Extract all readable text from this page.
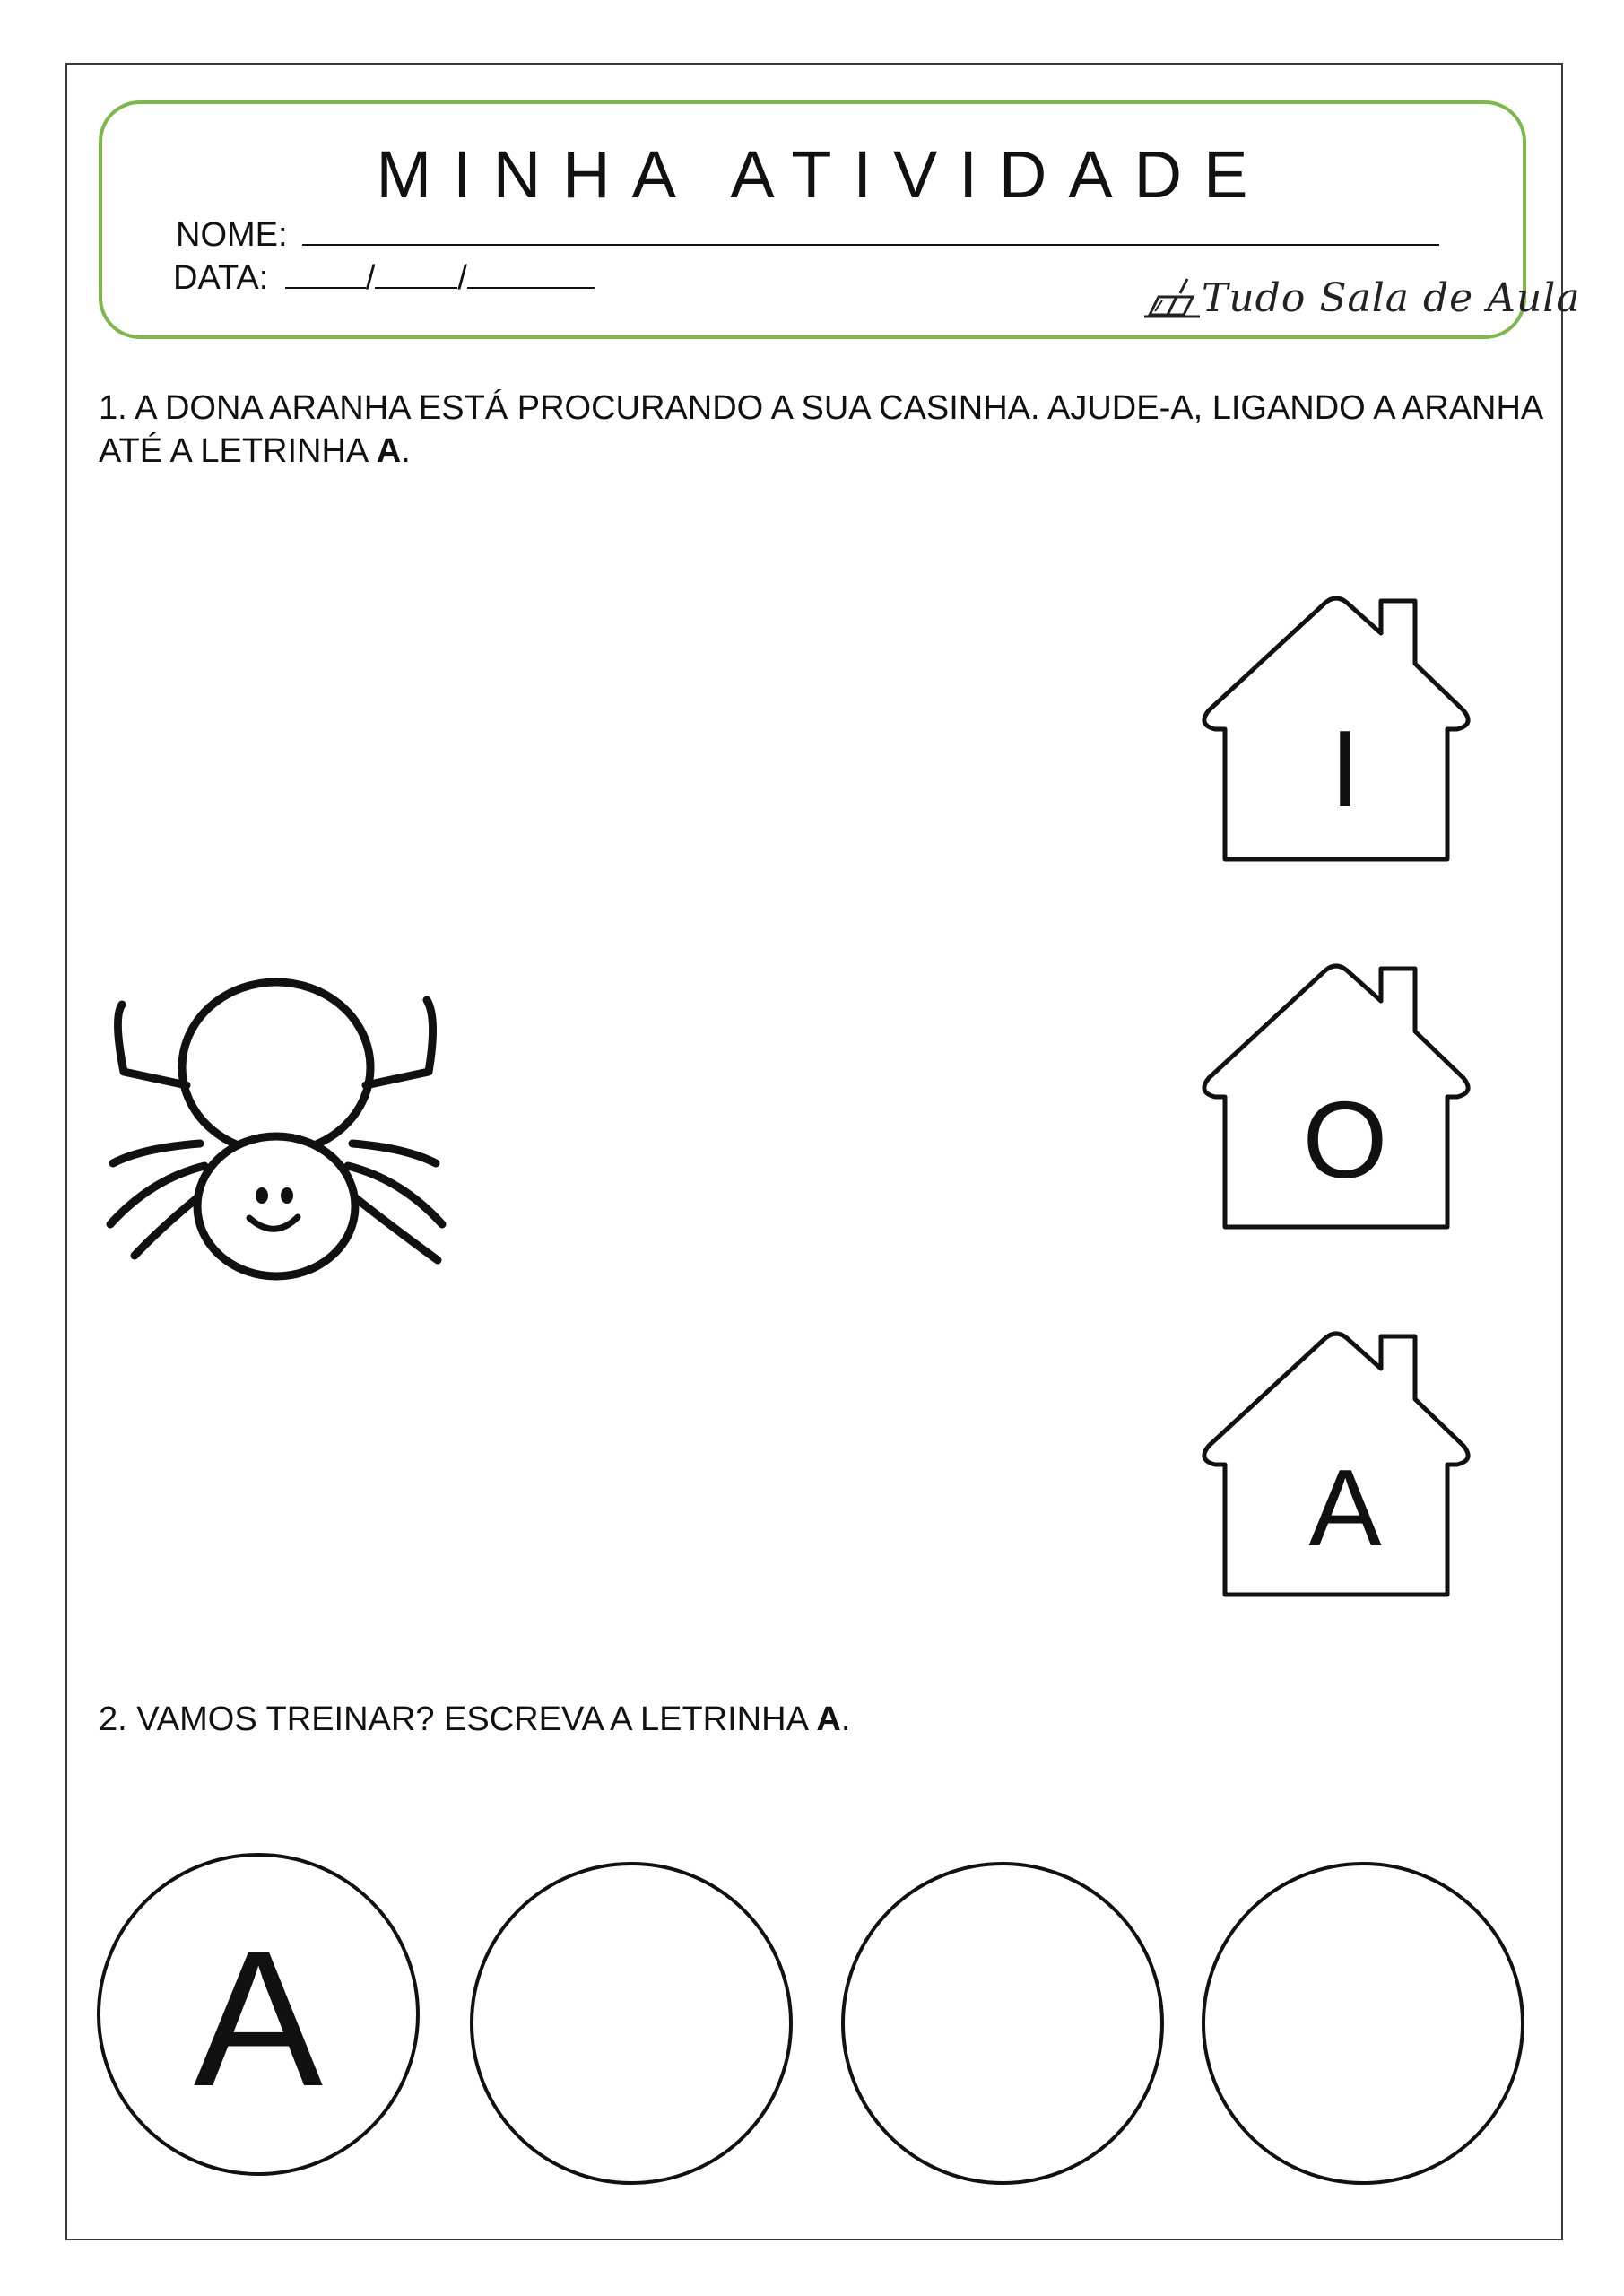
MINHA ATIVIDADE
NOME:
DATA:	/ /	Tudo Sala de Aula

1. A DONA ARANHA ESTÁ PROCURANDO A SUA CASINHA. AJUDE-A, LIGANDO A ARANHA ATÉ A LETRINHA A.

I
O
A

2. VAMOS TREINAR? ESCREVA A LETRINHA A.

A
